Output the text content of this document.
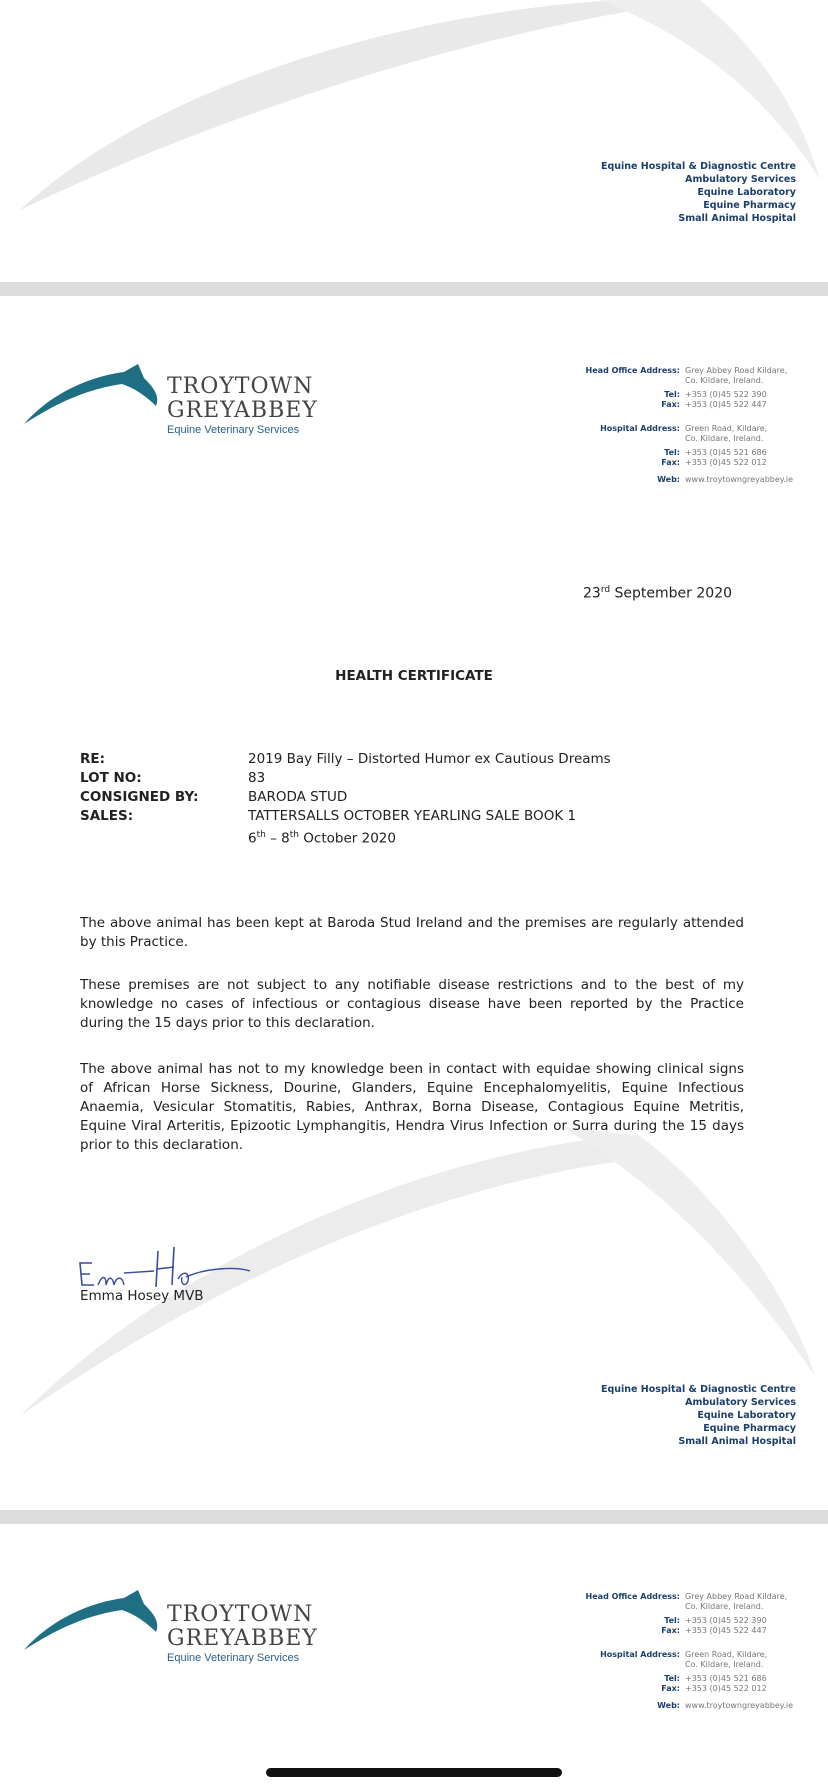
Equine Hospital & Diagnostic Centre
Ambulatory Services
Equine Laboratory
Equine Pharmacy
Small Animal Hospital
TROYTOWN
GREYABBEY
Equine Veterinary Services
Head Office Address: Grey Abbey Road Kildare,
Co. Kildare, Ireland.
Tel: +353 (0)45 522 390
Fax: +353 (0)45 522 447
Hospital Address: Green Road, Kildare,
Co. Kildare, Ireland.
Tel: +353 (0)45 521 686
Fax: +353 (0)45 522 012
Web: www.troytowngreyabbey.ie
23rd September 2020
HEALTH CERTIFICATE
RE:	2019 Bay Filly – Distorted Humor ex Cautious Dreams
LOT NO:	83
CONSIGNED BY:	BARODA STUD
SALES:	TATTERSALLS OCTOBER YEARLING SALE BOOK 1
6th – 8th October 2020

The above animal has been kept at Baroda Stud Ireland and the premises are regularly attended by this Practice.

These premises are not subject to any notifiable disease restrictions and to the best of my knowledge no cases of infectious or contagious disease have been reported by the Practice during the 15 days prior to this declaration.

The above animal has not to my knowledge been in contact with equidae showing clinical signs of African Horse Sickness, Dourine, Glanders, Equine Encephalomyelitis, Equine Infectious Anaemia, Vesicular Stomatitis, Rabies, Anthrax, Borna Disease, Contagious Equine Metritis, Equine Viral Arteritis, Epizootic Lymphangitis, Hendra Virus Infection or Surra during the 15 days prior to this declaration.

Emma Hosey MVB
Equine Hospital & Diagnostic Centre
Ambulatory Services
Equine Laboratory
Equine Pharmacy
Small Animal Hospital
TROYTOWN
GREYABBEY
Equine Veterinary Services
Head Office Address: Grey Abbey Road Kildare,
Co. Kildare, Ireland.
Tel: +353 (0)45 522 390
Fax: +353 (0)45 522 447
Hospital Address: Green Road, Kildare,
Co. Kildare, Ireland.
Tel: +353 (0)45 521 686
Fax: +353 (0)45 522 012
Web: www.troytowngreyabbey.ie
